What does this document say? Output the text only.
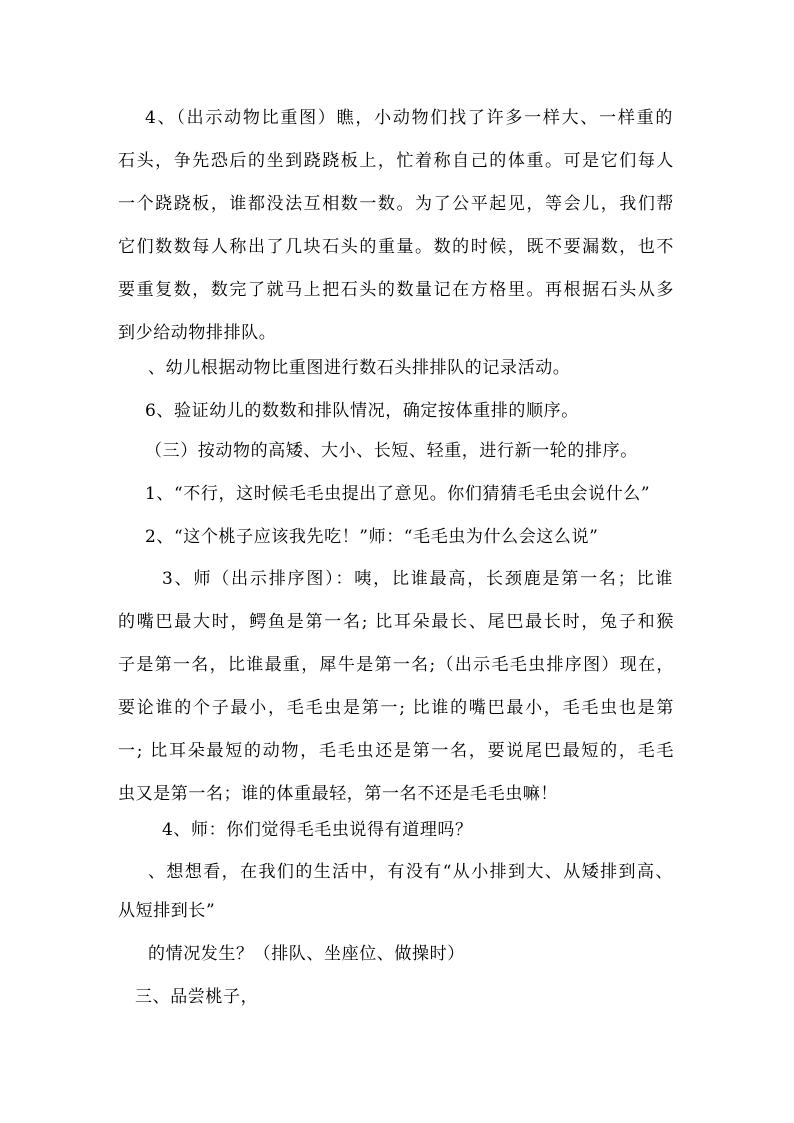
4、（出示动物比重图）瞧，小动物们找了许多一样大、一样重的
石头，争先恐后的坐到跷跷板上，忙着称自己的体重。可是它们每人
一个跷跷板，谁都没法互相数一数。为了公平起见，等会儿，我们帮
它们数数每人称出了几块石头的重量。数的时候，既不要漏数，也不
要重复数，数完了就马上把石头的数量记在方格里。再根据石头从多
到少给动物排排队。
、幼儿根据动物比重图进行数石头排排队的记录活动。
6、验证幼儿的数数和排队情况，确定按体重排的顺序。
（三）按动物的高矮、大小、长短、轻重，进行新一轮的排序。
1、“不行，这时候毛毛虫提出了意见。你们猜猜毛毛虫会说什么”
2、“这个桃子应该我先吃！”师：“毛毛虫为什么会这么说”
3、师（出示排序图）：咦，比谁最高，长颈鹿是第一名；比谁
的嘴巴最大时，鳄鱼是第一名; 比耳朵最长、尾巴最长时，兔子和猴
子是第一名，比谁最重，犀牛是第一名;（出示毛毛虫排序图）现在，
要论谁的个子最小，毛毛虫是第一; 比谁的嘴巴最小，毛毛虫也是第
一; 比耳朵最短的动物，毛毛虫还是第一名，要说尾巴最短的，毛毛
虫又是第一名；谁的体重最轻，第一名不还是毛毛虫嘛！
4、师：你们觉得毛毛虫说得有道理吗？
、想想看，在我们的生活中，有没有“从小排到大、从矮排到高、
从短排到长”
的情况发生？（排队、坐座位、做操时）
三、品尝桃子，
